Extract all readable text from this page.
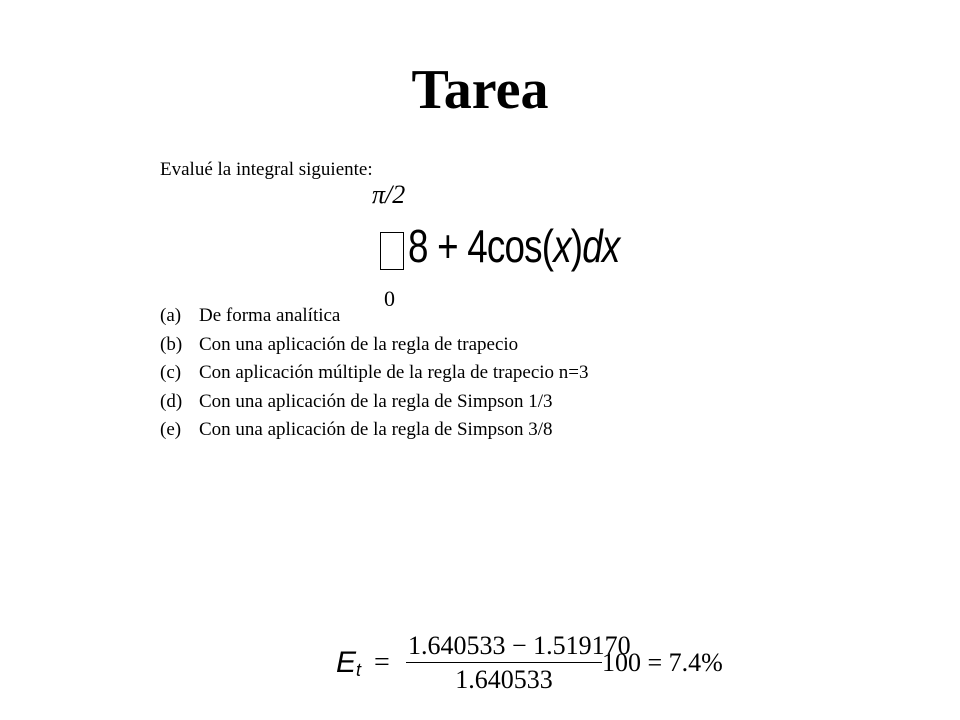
Tarea
Evalué la integral siguiente:
π/2
8 + 4cos(x)dx
0
(a) De forma analítica
(b) Con una aplicación de la regla de trapecio
(c) Con aplicación múltiple de la regla de trapecio n=3
(d) Con una aplicación de la regla de Simpson 1/3
(e) Con una aplicación de la regla de Simpson 3/8
$E_t = \frac{1.640533 - 1.519170}{1.640533} 100 = 7.4\%$
